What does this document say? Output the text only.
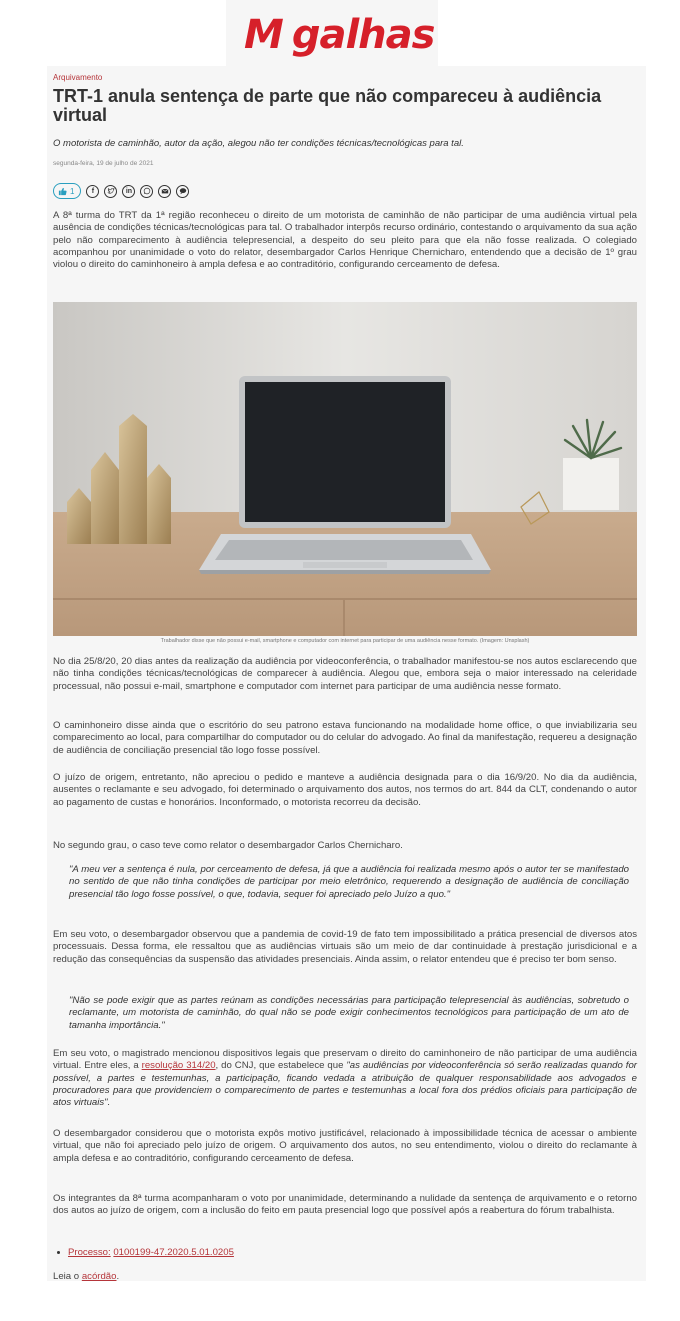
M galhas
Arquivamento
TRT-1 anula sentença de parte que não compareceu à audiência virtual
O motorista de caminhão, autor da ação, alegou não ter condições técnicas/tecnológicas para tal.
segunda-feira, 19 de julho de 2021
1	f	in

A 8ª turma do TRT da 1ª região reconheceu o direito de um motorista de caminhão de não participar de uma audiência virtual pela ausência de condições técnicas/tecnológicas para tal. O trabalhador interpôs recurso ordinário, contestando o arquivamento da sua ação pelo não comparecimento à audiência telepresencial, a despeito do seu pleito para que ela não fosse realizada. O colegiado acompanhou por unanimidade o voto do relator, desembargador Carlos Henrique Chernicharo, entendendo que a decisão de 1º grau violou o direito do caminhoneiro à ampla defesa e ao contraditório, configurando cerceamento de defesa.

Trabalhador disse que não possui e-mail, smartphone e computador com internet para participar de uma audiência nesse formato. (Imagem: Unsplash)

No dia 25/8/20, 20 dias antes da realização da audiência por videoconferência, o trabalhador manifestou-se nos autos esclarecendo que não tinha condições técnicas/tecnológicas de comparecer à audiência. Alegou que, embora seja o maior interessado na celeridade processual, não possui e-mail, smartphone e computador com internet para participar de uma audiência nesse formato.

O caminhoneiro disse ainda que o escritório do seu patrono estava funcionando na modalidade home office, o que inviabilizaria seu comparecimento ao local, para compartilhar do computador ou do celular do advogado. Ao final da manifestação, requereu a designação de audiência de conciliação presencial tão logo fosse possível.

O juízo de origem, entretanto, não apreciou o pedido e manteve a audiência designada para o dia 16/9/20. No dia da audiência, ausentes o reclamante e seu advogado, foi determinado o arquivamento dos autos, nos termos do art. 844 da CLT, condenando o autor ao pagamento de custas e honorários. Inconformado, o motorista recorreu da decisão.

No segundo grau, o caso teve como relator o desembargador Carlos Chernicharo.

"A meu ver a sentença é nula, por cerceamento de defesa, já que a audiência foi realizada mesmo após o autor ter se manifestado no sentido de que não tinha condições de participar por meio eletrônico, requerendo a designação de audiência de conciliação presencial tão logo fosse possível, o que, todavia, sequer foi apreciado pelo Juízo a quo."

Em seu voto, o desembargador observou que a pandemia de covid-19 de fato tem impossibilitado a prática presencial de diversos atos processuais. Dessa forma, ele ressaltou que as audiências virtuais são um meio de dar continuidade à prestação jurisdicional e a redução das consequências da suspensão das atividades presenciais. Ainda assim, o relator entendeu que é preciso ter bom senso.

"Não se pode exigir que as partes reúnam as condições necessárias para participação telepresencial às audiências, sobretudo o reclamante, um motorista de caminhão, do qual não se pode exigir conhecimentos tecnológicos para participação de um ato de tamanha importância."

Em seu voto, o magistrado mencionou dispositivos legais que preservam o direito do caminhoneiro de não participar de uma audiência virtual. Entre eles, a resolução 314/20, do CNJ, que estabelece que "as audiências por videoconferência só serão realizadas quando for possível, a partes e testemunhas, a participação, ficando vedada a atribuição de qualquer responsabilidade aos advogados e procuradores para que providenciem o comparecimento de partes e testemunhas a local fora dos prédios oficiais para participação de atos virtuais".

O desembargador considerou que o motorista expôs motivo justificável, relacionado à impossibilidade técnica de acessar o ambiente virtual, que não foi apreciado pelo juízo de origem. O arquivamento dos autos, no seu entendimento, violou o direito do reclamante à ampla defesa e ao contraditório, configurando cerceamento de defesa.

Os integrantes da 8ª turma acompanharam o voto por unanimidade, determinando a nulidade da sentença de arquivamento e o retorno dos autos ao juízo de origem, com a inclusão do feito em pauta presencial logo que possível após a reabertura do fórum trabalhista.

Processo: 0100199-47.2020.5.01.0205

Leia o acórdão.
